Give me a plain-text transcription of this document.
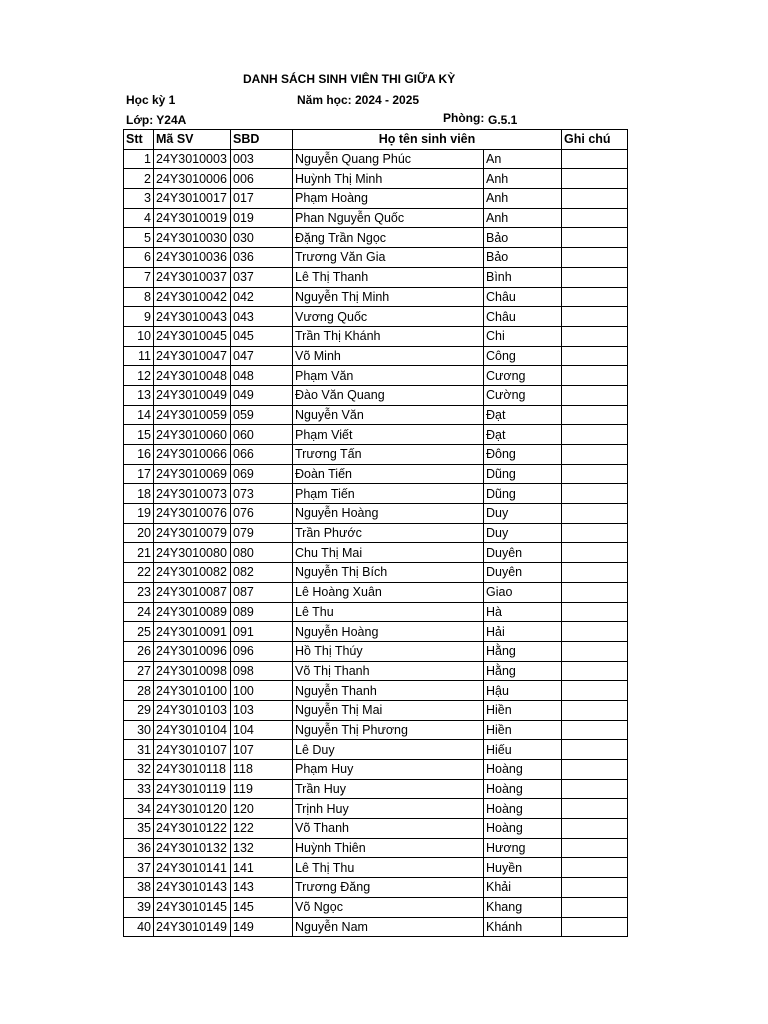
DANH SÁCH SINH VIÊN THI GIỮA KỲ
Học kỳ 1	Năm học: 2024 - 2025
Lớp: Y24A	Phòng: G.5.1
Stt	Mã SV	SBD	Họ tên sinh viên		Ghi chú
1	24Y3010003	003	Nguyễn Quang Phúc	An	
2	24Y3010006	006	Huỳnh Thị Minh	Anh	
3	24Y3010017	017	Phạm Hoàng	Anh	
4	24Y3010019	019	Phan Nguyễn Quốc	Anh	
5	24Y3010030	030	Đặng Trần Ngọc	Bảo	
6	24Y3010036	036	Trương Văn Gia	Bảo	
7	24Y3010037	037	Lê Thị Thanh	Bình	
8	24Y3010042	042	Nguyễn Thị Minh	Châu	
9	24Y3010043	043	Vương Quốc	Châu	
10	24Y3010045	045	Trần Thị Khánh	Chi	
11	24Y3010047	047	Võ Minh	Công	
12	24Y3010048	048	Phạm Văn	Cương	
13	24Y3010049	049	Đào Văn Quang	Cường	
14	24Y3010059	059	Nguyễn Văn	Đạt	
15	24Y3010060	060	Phạm Viết	Đạt	
16	24Y3010066	066	Trương Tấn	Đông	
17	24Y3010069	069	Đoàn Tiến	Dũng	
18	24Y3010073	073	Phạm Tiến	Dũng	
19	24Y3010076	076	Nguyễn Hoàng	Duy	
20	24Y3010079	079	Trần Phước	Duy	
21	24Y3010080	080	Chu Thị Mai	Duyên	
22	24Y3010082	082	Nguyễn Thị Bích	Duyên	
23	24Y3010087	087	Lê Hoàng Xuân	Giao	
24	24Y3010089	089	Lê Thu	Hà	
25	24Y3010091	091	Nguyễn Hoàng	Hải	
26	24Y3010096	096	Hồ Thị Thúy	Hằng	
27	24Y3010098	098	Võ Thị Thanh	Hằng	
28	24Y3010100	100	Nguyễn Thanh	Hậu	
29	24Y3010103	103	Nguyễn Thị Mai	Hiền	
30	24Y3010104	104	Nguyễn Thị Phương	Hiền	
31	24Y3010107	107	Lê Duy	Hiếu	
32	24Y3010118	118	Phạm Huy	Hoàng	
33	24Y3010119	119	Trần Huy	Hoàng	
34	24Y3010120	120	Trịnh Huy	Hoàng	
35	24Y3010122	122	Võ Thanh	Hoàng	
36	24Y3010132	132	Huỳnh Thiên	Hương	
37	24Y3010141	141	Lê Thị Thu	Huyền	
38	24Y3010143	143	Trương Đăng	Khải	
39	24Y3010145	145	Võ Ngọc	Khang	
40	24Y3010149	149	Nguyễn Nam	Khánh	
